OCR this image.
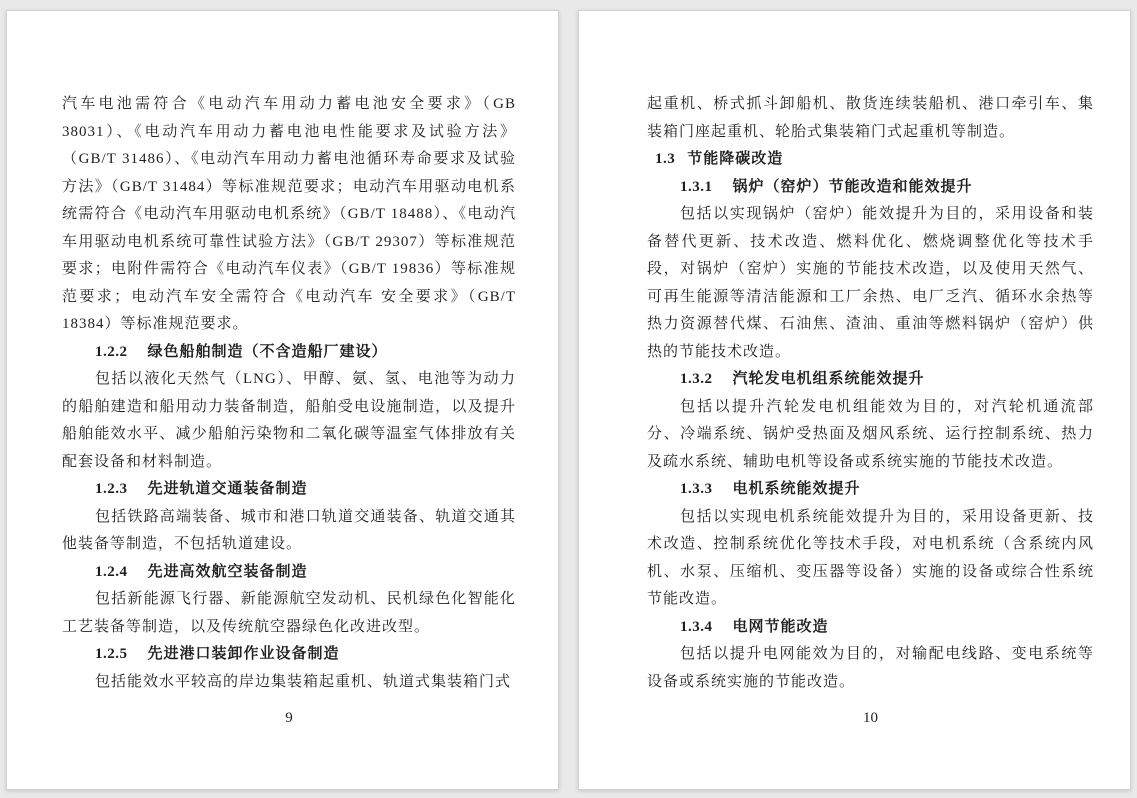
汽车电池需符合《电动汽车用动力蓄电池安全要求》（GB 38031）、《电动汽车用动力蓄电池电性能要求及试验方法》（GB/T 31486）、《电动汽车用动力蓄电池循环寿命要求及试验方法》（GB/T 31484）等标准规范要求；电动汽车用驱动电机系统需符合《电动汽车用驱动电机系统》（GB/T 18488）、《电动汽车用驱动电机系统可靠性试验方法》（GB/T 29307）等标准规范要求；电附件需符合《电动汽车仪表》（GB/T 19836）等标准规范要求；电动汽车安全需符合《电动汽车 安全要求》（GB/T 18384）等标准规范要求。

1.2.2 绿色船舶制造（不含造船厂建设）

包括以液化天然气（LNG）、甲醇、氨、氢、电池等为动力的船舶建造和船用动力装备制造，船舶受电设施制造，以及提升船舶能效水平、减少船舶污染物和二氧化碳等温室气体排放有关配套设备和材料制造。

1.2.3 先进轨道交通装备制造

包括铁路高端装备、城市和港口轨道交通装备、轨道交通其他装备等制造，不包括轨道建设。

1.2.4 先进高效航空装备制造

包括新能源飞行器、新能源航空发动机、民机绿色化智能化工艺装备等制造，以及传统航空器绿色化改进改型。

1.2.5 先进港口装卸作业设备制造

包括能效水平较高的岸边集装箱起重机、轨道式集装箱门式

9

起重机、桥式抓斗卸船机、散货连续装船机、港口牵引车、集装箱门座起重机、轮胎式集装箱门式起重机等制造。

1.3 节能降碳改造
1.3.1 锅炉（窑炉）节能改造和能效提升

包括以实现锅炉（窑炉）能效提升为目的，采用设备和装备替代更新、技术改造、燃料优化、燃烧调整优化等技术手段，对锅炉（窑炉）实施的节能技术改造，以及使用天然气、可再生能源等清洁能源和工厂余热、电厂乏汽、循环水余热等热力资源替代煤、石油焦、渣油、重油等燃料锅炉（窑炉）供热的节能技术改造。

1.3.2 汽轮发电机组系统能效提升

包括以提升汽轮发电机组能效为目的，对汽轮机通流部分、冷端系统、锅炉受热面及烟风系统、运行控制系统、热力及疏水系统、辅助电机等设备或系统实施的节能技术改造。

1.3.3 电机系统能效提升

包括以实现电机系统能效提升为目的，采用设备更新、技术改造、控制系统优化等技术手段，对电机系统（含系统内风机、水泵、压缩机、变压器等设备）实施的设备或综合性系统节能改造。

1.3.4 电网节能改造

包括以提升电网能效为目的，对输配电线路、变电系统等设备或系统实施的节能改造。

10
